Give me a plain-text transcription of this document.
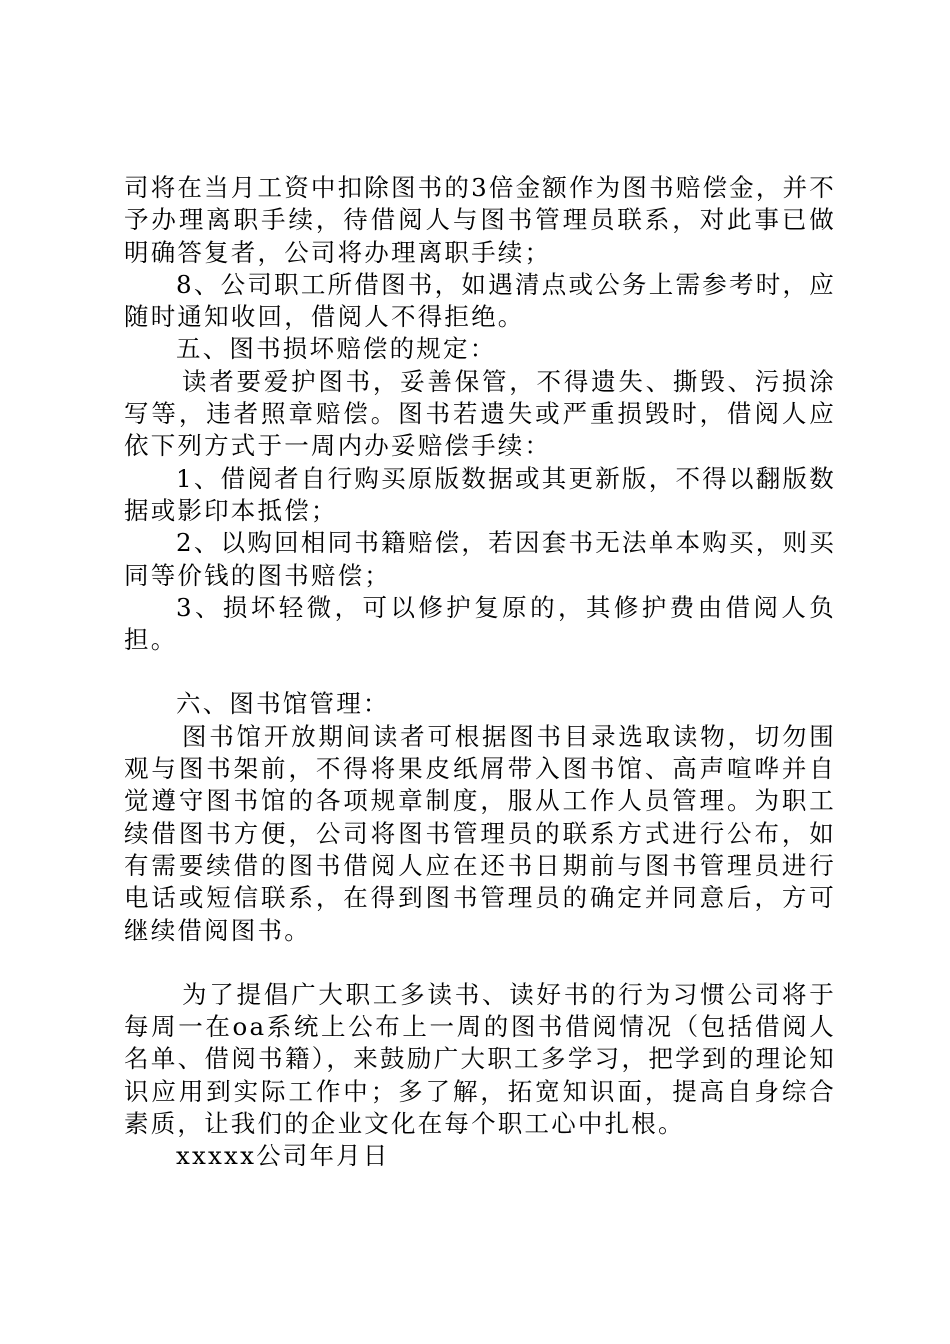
司将在当月工资中扣除图书的3倍金额作为图书赔偿金，并不予办理离职手续，待借阅人与图书管理员联系，对此事已做明确答复者，公司将办理离职手续；

8、公司职工所借图书，如遇清点或公务上需参考时，应随时通知收回，借阅人不得拒绝。

五、图书损坏赔偿的规定：

读者要爱护图书，妥善保管，不得遗失、撕毁、污损涂写等，违者照章赔偿。图书若遗失或严重损毁时，借阅人应依下列方式于一周内办妥赔偿手续：

1、借阅者自行购买原版数据或其更新版，不得以翻版数据或影印本抵偿；

2、以购回相同书籍赔偿，若因套书无法单本购买，则买同等价钱的图书赔偿；

3、损坏轻微，可以修护复原的，其修护费由借阅人负担。

六、图书馆管理：

图书馆开放期间读者可根据图书目录选取读物，切勿围观与图书架前，不得将果皮纸屑带入图书馆、高声喧哗并自觉遵守图书馆的各项规章制度，服从工作人员管理。为职工续借图书方便，公司将图书管理员的联系方式进行公布，如有需要续借的图书借阅人应在还书日期前与图书管理员进行电话或短信联系，在得到图书管理员的确定并同意后，方可继续借阅图书。

为了提倡广大职工多读书、读好书的行为习惯公司将于每周一在oa系统上公布上一周的图书借阅情况（包括借阅人名单、借阅书籍），来鼓励广大职工多学习，把学到的理论知识应用到实际工作中；多了解，拓宽知识面，提高自身综合素质，让我们的企业文化在每个职工心中扎根。

xxxxx公司年月日
